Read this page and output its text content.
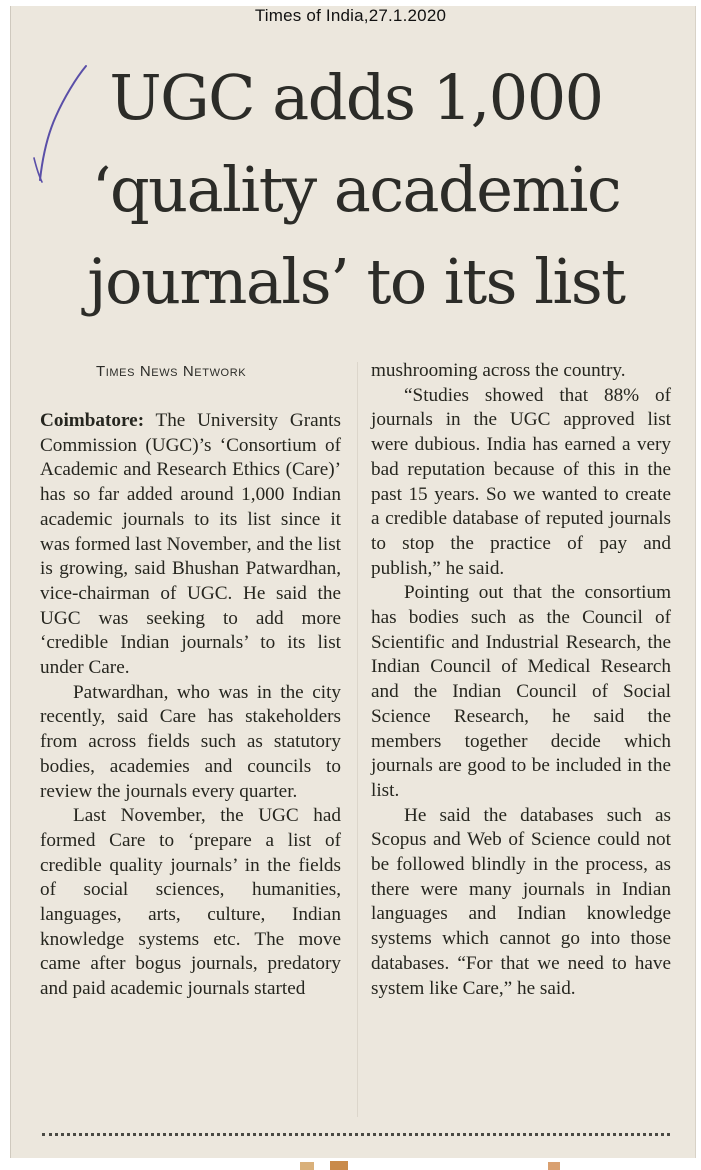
Times of India,27.1.2020
UGC adds 1,000 ‘quality academic journals’ to its list
Times News Network

Coimbatore: The University Grants Commission (UGC)’s ‘Consortium of Academic and Research Ethics (Care)’ has so far added around 1,000 Indian academic journals to its list since it was formed last November, and the list is growing, said Bhushan Patwardhan, vice-chairman of UGC. He said the UGC was seeking to add more ‘credible Indian journals’ to its list under Care.

Patwardhan, who was in the city recently, said Care has stakeholders from across fields such as statutory bodies, academies and councils to review the journals every quarter.

Last November, the UGC had formed Care to ‘prepare a list of credible quality journals’ in the fields of social sciences, humanities, languages, arts, culture, Indian knowledge systems etc. The move came after bogus journals, predatory and paid academic journals started

mushrooming across the country.

“Studies showed that 88% of journals in the UGC approved list were dubious. India has earned a very bad reputation because of this in the past 15 years. So we wanted to create a credible database of reputed journals to stop the practice of pay and publish,” he said.

Pointing out that the consortium has bodies such as the Council of Scientific and Industrial Research, the Indian Council of Medical Research and the Indian Council of Social Science Research, he said the members together decide which journals are good to be included in the list.

He said the databases such as Scopus and Web of Science could not be followed blindly in the process, as there were many journals in Indian languages and Indian knowledge systems which cannot go into those databases. “For that we need to have system like Care,” he said.
